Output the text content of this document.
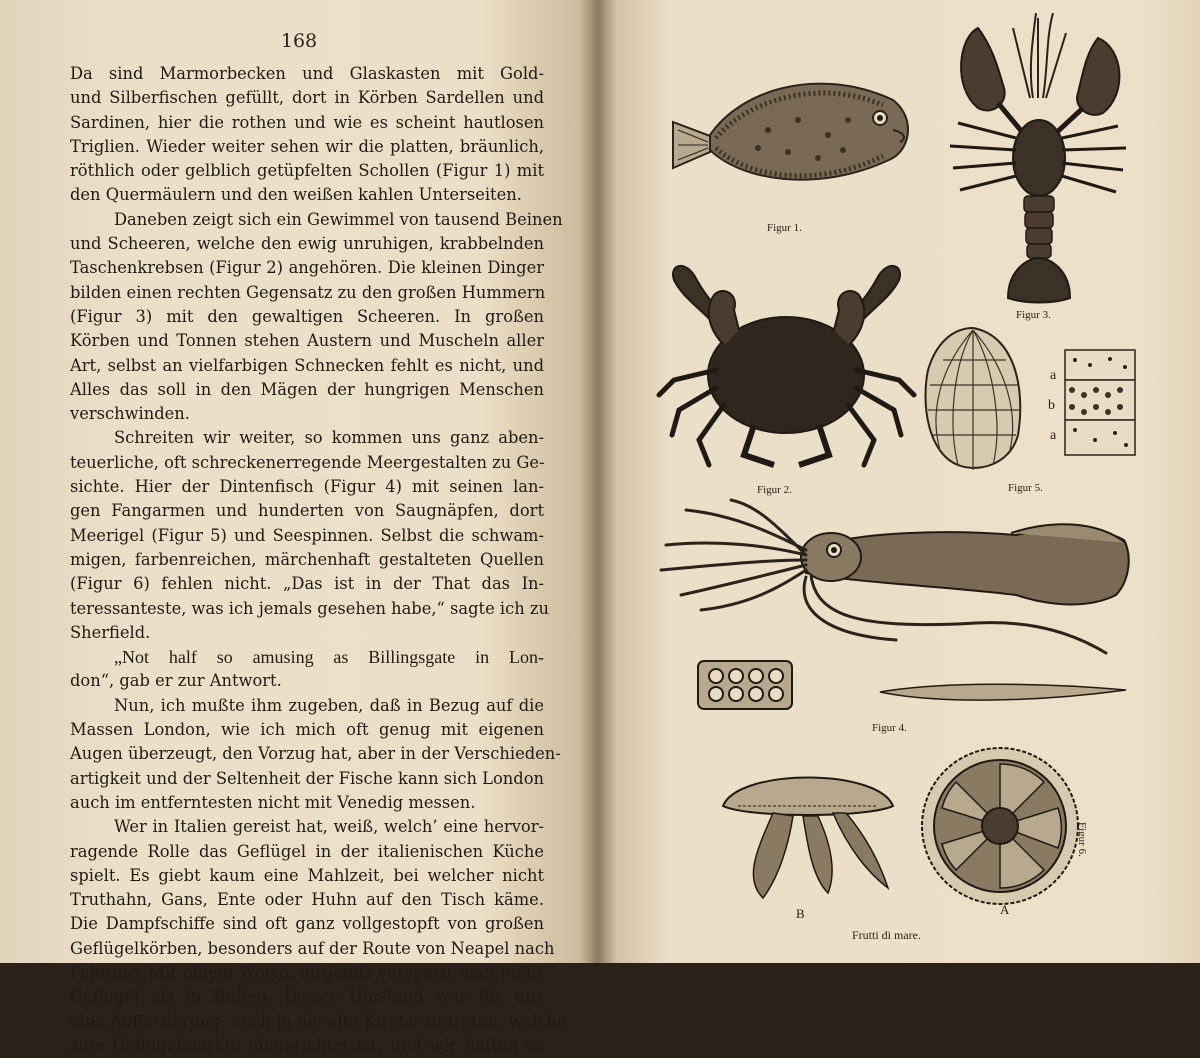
168
Da sind Marmorbecken und Glaskasten mit Gold-
und Silberfischen gefüllt, dort in Körben Sardellen und
Sardinen, hier die rothen und wie es scheint hautlosen
Triglien. Wieder weiter sehen wir die platten, bräunlich,
röthlich oder gelblich getüpfelten Schollen (Figur 1) mit
den Quermäulern und den weißen kahlen Unterseiten.
Daneben zeigt sich ein Gewimmel von tausend Beinen
und Scheeren, welche den ewig unruhigen, krabbelnden
Taschenkrebsen (Figur 2) angehören. Die kleinen Dinger
bilden einen rechten Gegensatz zu den großen Hummern
(Figur 3) mit den gewaltigen Scheeren. In großen
Körben und Tonnen stehen Austern und Muscheln aller
Art, selbst an vielfarbigen Schnecken fehlt es nicht, und
Alles das soll in den Mägen der hungrigen Menschen
verschwinden.
Schreiten wir weiter, so kommen uns ganz aben-
teuerliche, oft schreckenerregende Meergestalten zu Ge-
sichte. Hier der Dintenfisch (Figur 4) mit seinen lan-
gen Fangarmen und hunderten von Saugnäpfen, dort
Meerigel (Figur 5) und Seespinnen. Selbst die schwam-
migen, farbenreichen, märchenhaft gestalteten Quellen
(Figur 6) fehlen nicht. „Das ist in der That das In-
teressanteste, was ich jemals gesehen habe,“ sagte ich zu
Sherfield.
„Not half so amusing as Billingsgate in Lon-
don“, gab er zur Antwort.
Nun, ich mußte ihm zugeben, daß in Bezug auf die
Massen London, wie ich mich oft genug mit eigenen
Augen überzeugt, den Vorzug hat, aber in der Verschieden-
artigkeit und der Seltenheit der Fische kann sich London
auch im entferntesten nicht mit Venedig messen.
Wer in Italien gereist hat, weiß, welch’ eine hervor-
ragende Rolle das Geflügel in der italienischen Küche
spielt. Es giebt kaum eine Mahlzeit, bei welcher nicht
Truthahn, Gans, Ente oder Huhn auf den Tisch käme.
Die Dampfschiffe sind oft ganz vollgestopft von großen
Geflügelkörben, besonders auf der Route von Neapel nach
Palermo. Mit einem Worte, nirgends verspeist man mehr
Geflügel als in Italien. Dieser Umstand war für uns
eine Aufforderung, auch in die alte Kirche zu treten, welche
zum Geflügelmarkte eingerichtet ist, und wir hatten es
Figur 1.
Figur 3.
Figur 2.
a
b
a
Figur 5.
Figur 4.
B	A
Figur 6.
Frutti di mare.
